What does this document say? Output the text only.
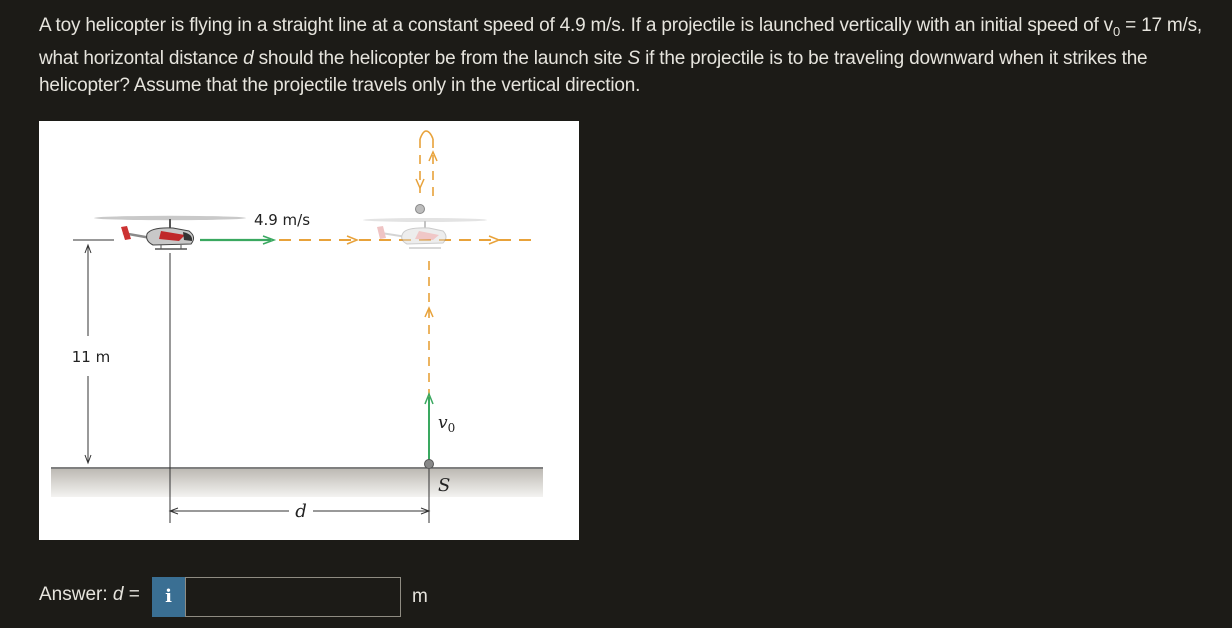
A toy helicopter is flying in a straight line at a constant speed of 4.9 m/s. If a projectile is launched vertically with an initial speed of $v_0 = 17$ m/s, what horizontal distance d should the helicopter be from the launch site S if the projectile is to be traveling downward when it strikes the helicopter? Assume that the projectile travels only in the vertical direction.
11 m
4.9 m/s
$v_0$
S
d
Answer: d =	i	m
